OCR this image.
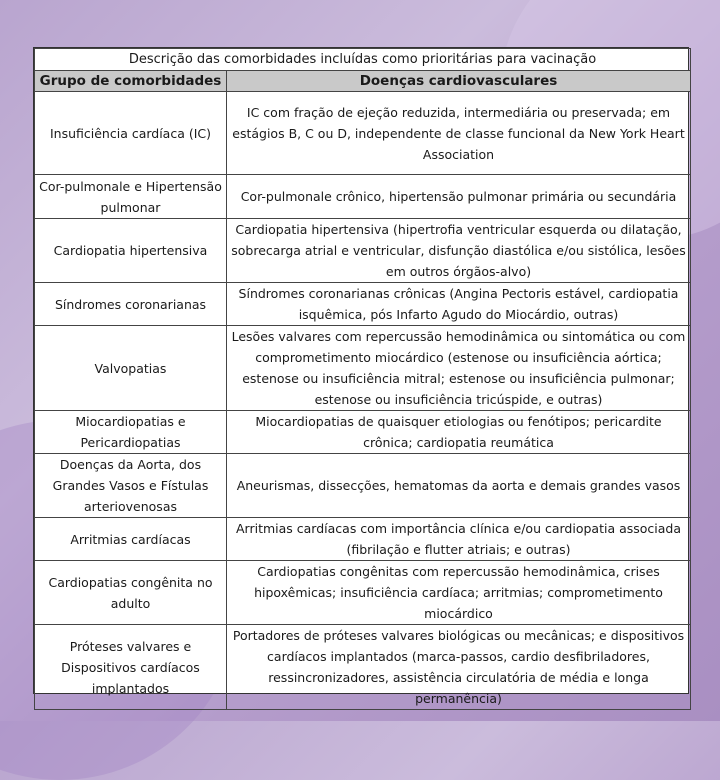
Descrição das comorbidades incluídas como prioritárias para vacinação	
Grupo de comorbidades	Doenças cardiovasculares
Insuficiência cardíaca (IC)	IC com fração de ejeção reduzida, intermediária ou preservada; em estágios B, C ou D, independente de classe funcional da New York Heart Association
Cor-pulmonale e Hipertensão pulmonar	Cor-pulmonale crônico, hipertensão pulmonar primária ou secundária
Cardiopatia hipertensiva	Cardiopatia hipertensiva (hipertrofia ventricular esquerda ou dilatação, sobrecarga atrial e ventricular, disfunção diastólica e/ou sistólica, lesões em outros órgãos-alvo)
Síndromes coronarianas	Síndromes coronarianas crônicas (Angina Pectoris estável, cardiopatia isquêmica, pós Infarto Agudo do Miocárdio, outras)
Valvopatias	Lesões valvares com repercussão hemodinâmica ou sintomática ou com comprometimento miocárdico (estenose ou insuficiência aórtica; estenose ou insuficiência mitral; estenose ou insuficiência pulmonar; estenose ou insuficiência tricúspide, e outras)
Miocardiopatias e Pericardiopatias	Miocardiopatias de quaisquer etiologias ou fenótipos; pericardite crônica; cardiopatia reumática
Doenças da Aorta, dos Grandes Vasos e Fístulas arteriovenosas	Aneurismas, dissecções, hematomas da aorta e demais grandes vasos
Arritmias cardíacas	Arritmias cardíacas com importância clínica e/ou cardiopatia associada (fibrilação e flutter atriais; e outras)
Cardiopatias congênita no adulto	Cardiopatias congênitas com repercussão hemodinâmica, crises hipoxêmicas; insuficiência cardíaca; arritmias; comprometimento miocárdico
Próteses valvares e Dispositivos cardíacos implantados	Portadores de próteses valvares biológicas ou mecânicas; e dispositivos cardíacos implantados (marca-passos, cardio desfibriladores, ressincronizadores, assistência circulatória de média e longa permanência)
